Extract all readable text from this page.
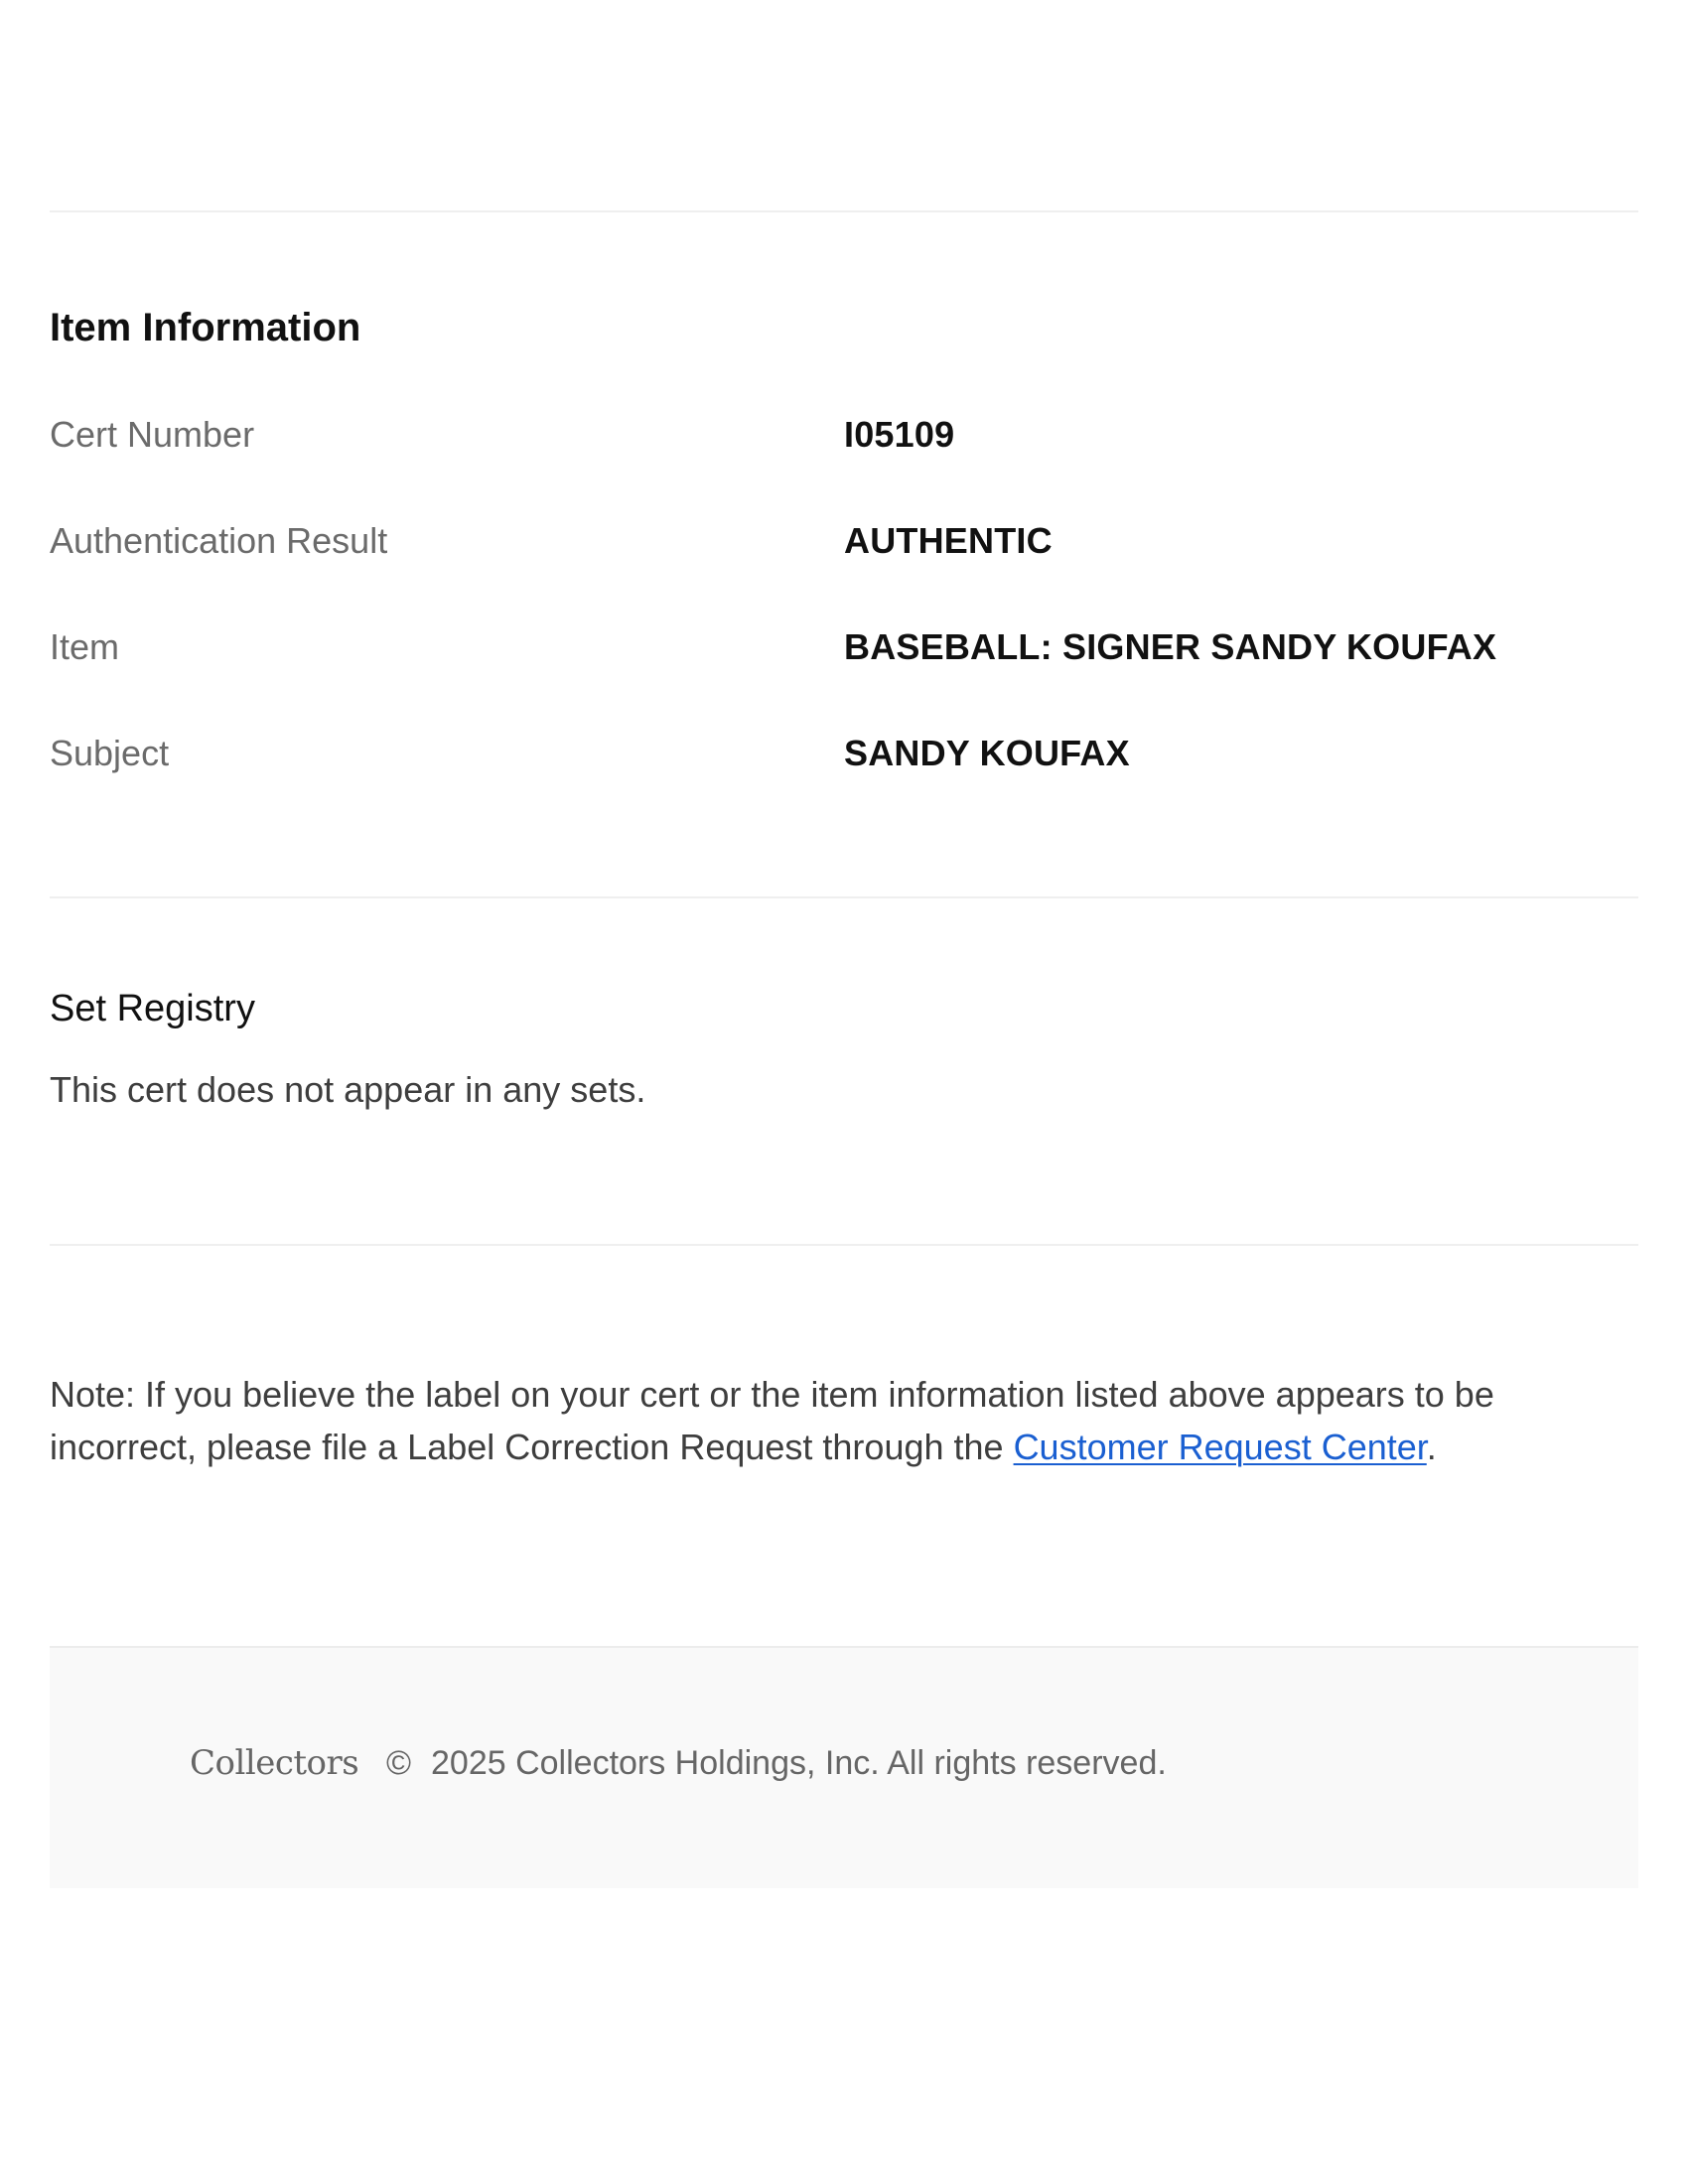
Item Information
Cert Number	I05109
Authentication Result	AUTHENTIC
Item	BASEBALL: SIGNER SANDY KOUFAX
Subject	SANDY KOUFAX
Set Registry
This cert does not appear in any sets.

Note: If you believe the label on your cert or the item information listed above appears to be incorrect, please file a Label Correction Request through the Customer Request Center.

Collectors © 2025 Collectors Holdings, Inc. All rights reserved.
